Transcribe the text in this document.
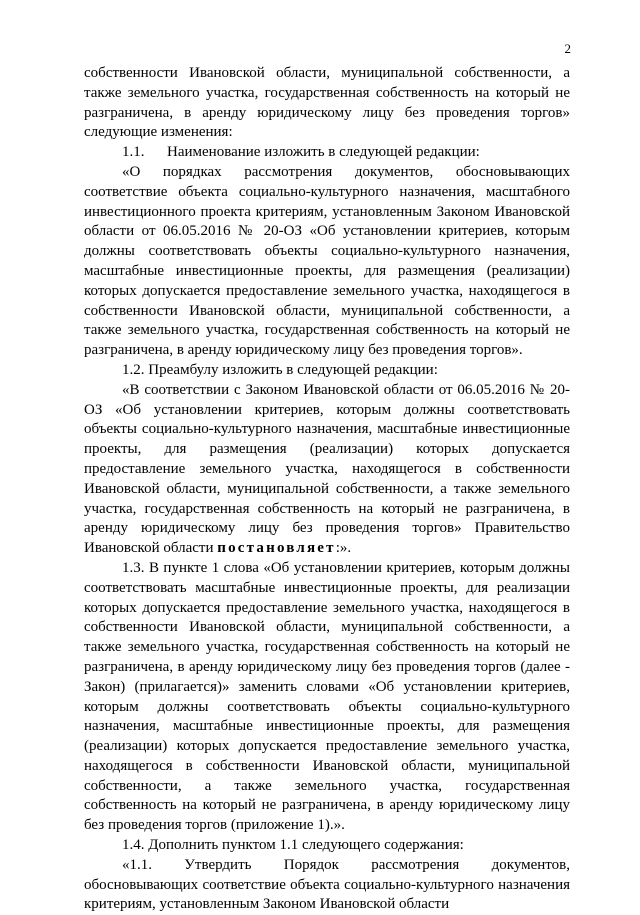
2

собственности Ивановской области, муниципальной собственности, а также земельного участка, государственная собственность на который не разграничена, в аренду юридическому лицу без проведения торгов» следующие изменения:

1.1.      Наименование изложить в следующей редакции:

«О порядках рассмотрения документов, обосновывающих соответствие объекта социально-культурного назначения, масштабного инвестиционного проекта критериям, установленным Законом Ивановской области от 06.05.2016 № 20-ОЗ «Об установлении критериев, которым должны соответствовать объекты социально-культурного назначения, масштабные инвестиционные проекты, для размещения (реализации) которых допускается предоставление земельного участка, находящегося в собственности Ивановской области, муниципальной собственности, а также земельного участка, государственная собственность на который не разграничена, в аренду юридическому лицу без проведения торгов».

1.2. Преамбулу изложить в следующей редакции:

«В соответствии с Законом Ивановской области от 06.05.2016 № 20-ОЗ «Об установлении критериев, которым должны соответствовать объекты социально-культурного назначения, масштабные инвестиционные проекты, для размещения (реализации) которых допускается предоставление земельного участка, находящегося в собственности Ивановской области, муниципальной собственности, а также земельного участка, государственная собственность на который не разграничена, в аренду юридическому лицу без проведения торгов» Правительство Ивановской области постановляет:».

1.3. В пункте 1 слова «Об установлении критериев, которым должны соответствовать масштабные инвестиционные проекты, для реализации которых допускается предоставление земельного участка, находящегося в собственности Ивановской области, муниципальной собственности, а также земельного участка, государственная собственность на который не разграничена, в аренду юридическому лицу без проведения торгов (далее - Закон) (прилагается)» заменить словами «Об установлении критериев, которым должны соответствовать объекты социально-культурного назначения, масштабные инвестиционные проекты, для размещения (реализации) которых допускается предоставление земельного участка, находящегося в собственности Ивановской области, муниципальной собственности, а также земельного участка, государственная собственность на который не разграничена, в аренду юридическому лицу без проведения торгов (приложение 1).».

1.4. Дополнить пунктом 1.1 следующего содержания:

«1.1. Утвердить Порядок рассмотрения документов, обосновывающих соответствие объекта социально-культурного назначения критериям, установленным Законом Ивановской области
